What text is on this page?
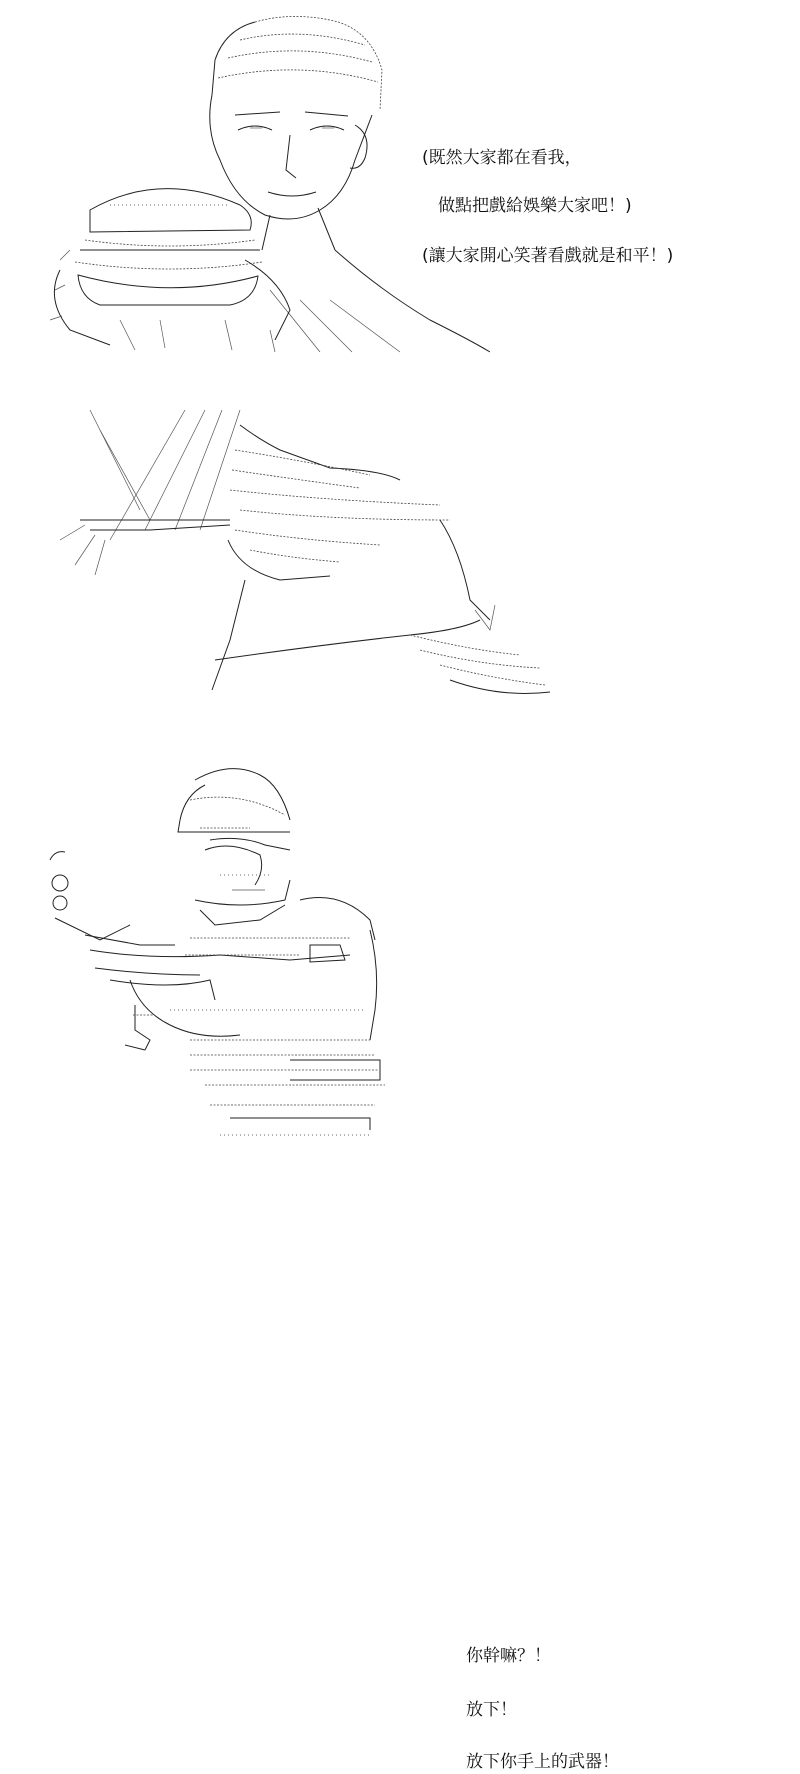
(既然大家都在看我，
做點把戲給娛樂大家吧！)
(讓大家開心笑著看戲就是和平！)
你幹嘛？！
放下！
放下你手上的武器！
